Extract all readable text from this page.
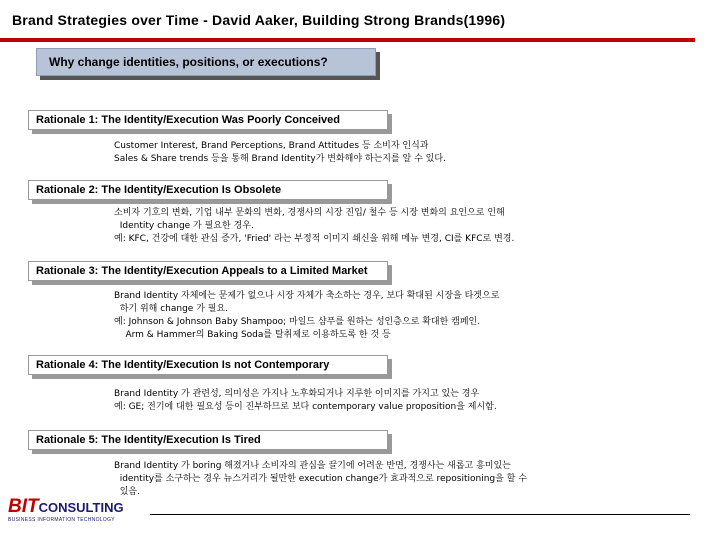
Brand Strategies over Time - David Aaker, Building Strong Brands(1996)
Why change identities, positions, or executions?
Rationale 1: The Identity/Execution Was Poorly Conceived
Customer Interest, Brand Perceptions, Brand Attitudes 등 소비자 인식과
Sales & Share trends 등을 통해 Brand Identity가 변화해야 하는지를 알 수 있다.
Rationale 2: The Identity/Execution Is Obsolete
소비자 기호의 변화, 기업 내부 문화의 변화, 경쟁사의 시장 진입/ 철수 등 시장 변화의 요인으로 인해
Identity change 가 필요한 경우.
예: KFC, 건강에 대한 관심 증가, 'Fried' 라는 부정적 이미지 쇄신을 위해 메뉴 변경, CI를 KFC로 변경.
Rationale 3: The Identity/Execution Appeals to a Limited Market
Brand Identity 자체에는 문제가 없으나 시장 자체가 축소하는 경우, 보다 확대된 시장을 타겟으로
하기 위해 change 가 필요.
예: Johnson & Johnson Baby Shampoo; 마일드 샴푸를 원하는 성인층으로 확대한 캠페인.
Arm & Hammer의 Baking Soda를 탈취제로 이용하도록 한 것 등
Rationale 4: The Identity/Execution Is not Contemporary
Brand Identity 가 관련성, 의미성은 가지나 노후화되거나 지루한 이미지를 가지고 있는 경우
예: GE; 전기에 대한 필요성 등이 진부하므로 보다 contemporary value proposition을 제시함.
Rationale 5: The Identity/Execution Is Tired
Brand Identity 가 boring 해졌거나 소비자의 관심을 끌기에 어려운 반면, 경쟁사는 새롭고 흥미있는
identity를 소구하는 경우 뉴스거리가 될만한 execution change가 효과적으로 repositioning을 할 수
있음.
BITCONSULTING
BUSINESS INFORMATION TECHNOLOGY
